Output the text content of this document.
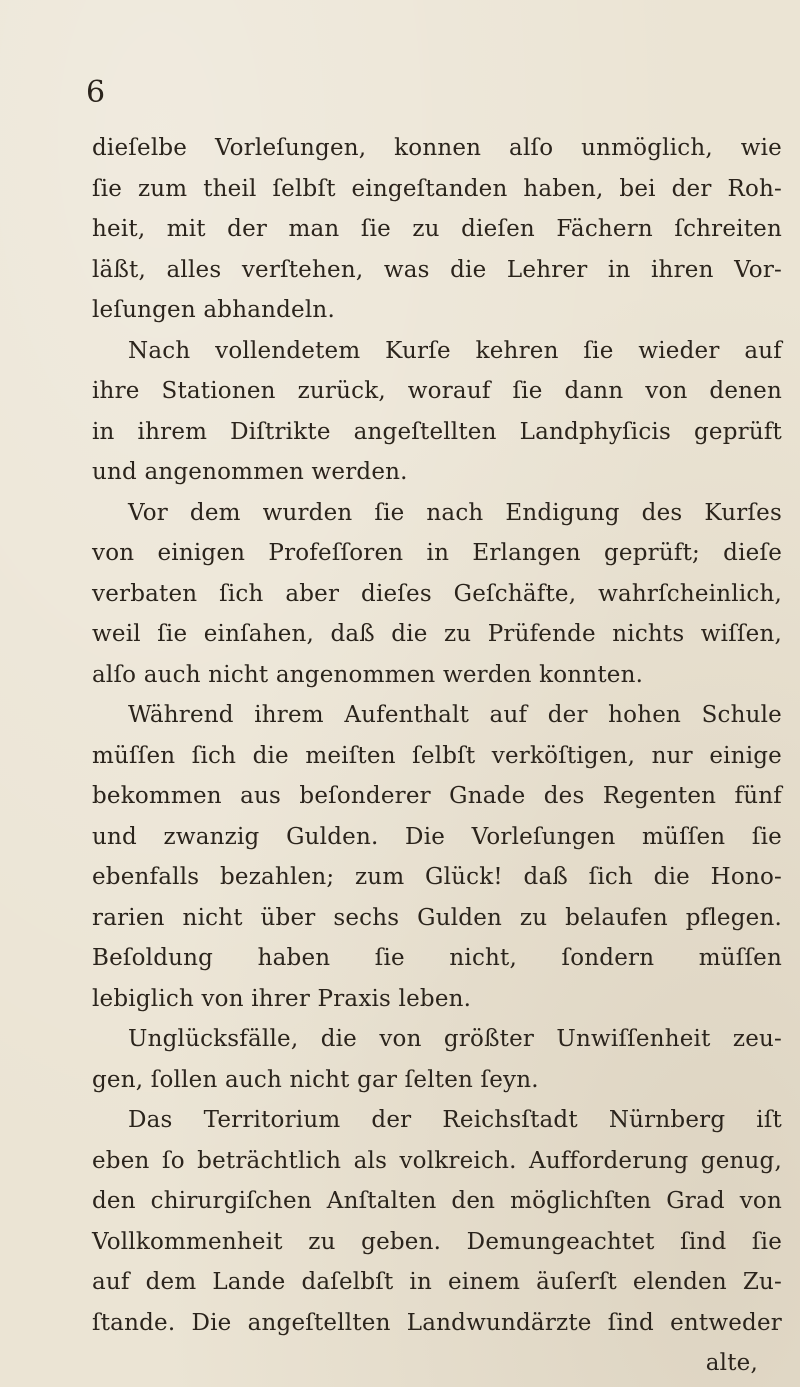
6
dieſelbe Vorleſungen, konnen alſo unmöglich, wie
ſie zum theil ſelbſt eingeſtanden haben, bei der Roh-
heit, mit der man ſie zu dieſen Fächern ſchreiten
läßt, alles verſtehen, was die Lehrer in ihren Vor-
leſungen abhandeln.
Nach vollendetem Kurſe kehren ſie wieder auf
ihre Stationen zurück, worauf ſie dann von denen
in ihrem Diſtrikte angeſtellten Landphyſicis geprüft
und angenommen werden.
Vor dem wurden ſie nach Endigung des Kurſes
von einigen Profeſſoren in Erlangen geprüft; dieſe
verbaten ſich aber dieſes Geſchäfte, wahrſcheinlich,
weil ſie einſahen, daß die zu Prüfende nichts wiſſen,
alſo auch nicht angenommen werden konnten.
Während ihrem Aufenthalt auf der hohen Schule
müſſen ſich die meiſten ſelbſt verköſtigen, nur einige
bekommen aus beſonderer Gnade des Regenten fünf
und zwanzig Gulden. Die Vorleſungen müſſen ſie
ebenfalls bezahlen; zum Glück! daß ſich die Hono-
rarien nicht über sechs Gulden zu belaufen pflegen.
Beſoldung haben ſie nicht, ſondern müſſen
lebiglich von ihrer Praxis leben.
Unglücksfälle, die von größter Unwiſſenheit zeu-
gen, ſollen auch nicht gar ſelten ſeyn.
Das Territorium der Reichsſtadt Nürnberg iſt
eben ſo beträchtlich als volkreich. Aufforderung genug,
den chirurgiſchen Anſtalten den möglichſten Grad von
Vollkommenheit zu geben. Demungeachtet ſind ſie
auf dem Lande daſelbſt in einem äuſerſt elenden Zu-
ſtande. Die angeſtellten Landwundärzte ſind entweder
alte,
